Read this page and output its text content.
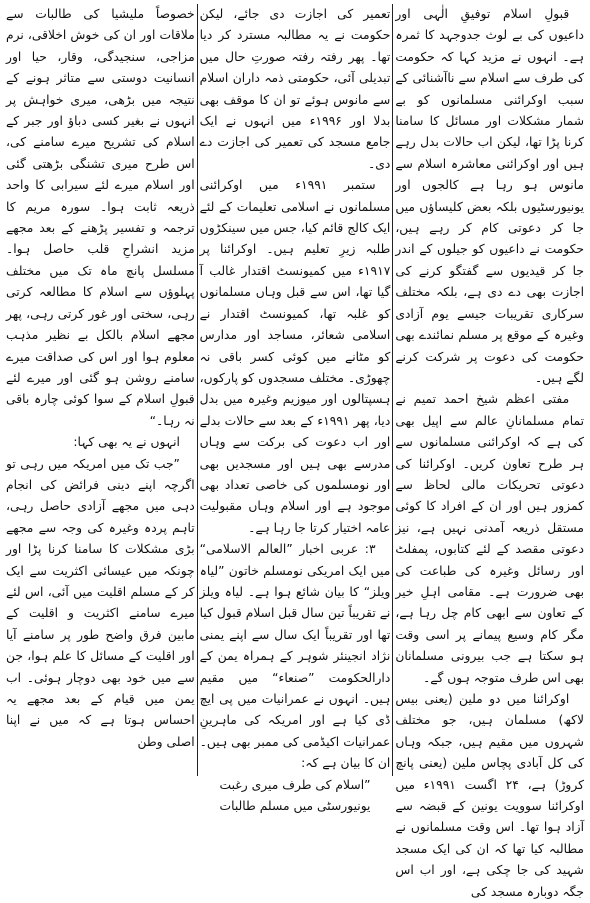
قبولِ اسلام توفیقِ الٰہی اور داعیوں کی بے لوث جدوجہد کا ثمرہ ہے۔ انہوں نے مزید کہا کہ حکومت کی طرف سے اسلام سے ناآشنائی کے سبب اوکرائنی مسلمانوں کو بے شمار مشکلات اور مسائل کا سامنا کرنا پڑا تھا، لیکن اب حالات بدل رہے ہیں اور اوکرائنی معاشرہ اسلام سے مانوس ہو رہا ہے کالجوں اور یونیورسٹیوں بلکہ بعض کلیساؤں میں جا کر دعوتی کام کر رہے ہیں، حکومت نے داعیوں کو جیلوں کے اندر جا کر قیدیوں سے گفتگو کرنے کی اجازت بھی دے دی ہے، بلکہ مختلف سرکاری تقریبات جیسے یوم آزادی وغیرہ کے موقع پر مسلم نمائندے بھی حکومت کی دعوت پر شرکت کرنے لگے ہیں۔

مفتی اعظم شیخ احمد تمیم نے تمام مسلمانانِ عالم سے اپیل بھی کی ہے کہ اوکرائنی مسلمانوں سے ہر طرح تعاون کریں۔ اوکرائنا کی دعوتی تحریکات مالی لحاظ سے کمزور ہیں اور ان کے افراد کا کوئی مستقل ذریعہ آمدنی نہیں ہے، نیز دعوتی مقصد کے لئے کتابوں، پمفلٹ اور رسائل وغیرہ کی طباعت کی بھی ضرورت ہے۔ مقامی اہلِ خیر کے تعاون سے ابھی کام چل رہا ہے، مگر کام وسیع پیمانے پر اسی وقت ہو سکتا ہے جب بیرونی مسلمانان بھی اس طرف متوجہ ہوں گے۔

اوکرائنا میں دو ملین (یعنی بیس لاکھ) مسلمان ہیں، جو مختلف شہروں میں مقیم ہیں، جبکہ وہاں کی کل آبادی پچاس ملین (یعنی پانچ کروڑ) ہے، ۲۴ اگست ۱۹۹۱ء میں اوکرائنا سوویت یونین کے قبضہ سے آزاد ہوا تھا۔ اس وقت مسلمانوں نے مطالبہ کیا تھا کہ ان کی ایک مسجد شہید کی جا چکی ہے، اور اب اس جگہ دوبارہ مسجد کی

تعمیر کی اجازت دی جائے، لیکن حکومت نے یہ مطالبہ مسترد کر دیا تھا۔ پھر رفتہ رفتہ صورتِ حال میں تبدیلی آئی، حکومتی ذمہ داران اسلام سے مانوس ہوئے تو ان کا موقف بھی بدلا اور ۱۹۹۶ء میں انہوں نے ایک جامع مسجد کی تعمیر کی اجازت دے دی۔

ستمبر ۱۹۹۱ء میں اوکرائنی مسلمانوں نے اسلامی تعلیمات کے لئے ایک کالج قائم کیا، جس میں سینکڑوں طلبہ زیرِ تعلیم ہیں۔ اوکرائنا پر ۱۹۱۷ء میں کمیونسٹ اقتدار غالب آ گیا تھا، اس سے قبل وہاں مسلمانوں کو غلبہ تھا، کمیونسٹ اقتدار نے اسلامی شعائر، مساجد اور مدارس کو مٹانے میں کوئی کسر باقی نہ چھوڑی۔ مختلف مسجدوں کو پارکوں، ہسپتالوں اور میوزیم وغیرہ میں بدل دیا، پھر ۱۹۹۱ء کے بعد سے حالات بدلے اور اب دعوت کی برکت سے وہاں مدرسے بھی ہیں اور مسجدیں بھی اور نومسلموں کی خاصی تعداد بھی موجود ہے اور اسلام وہاں مقبولیت عامہ اختیار کرتا جا رہا ہے۔

۳: عربی اخبار ”العالم الاسلامی“ میں ایک امریکی نومسلم خاتون ”لیاہ ویلز“ کا بیان شائع ہوا ہے۔ لیاہ ویلز نے تقریباً تین سال قبل اسلام قبول کیا تھا اور تقریباً ایک سال سے اپنے یمنی نژاد انجینئر شوہر کے ہمراہ یمن کے دارالحکومت ”صنعاء“ میں مقیم ہیں۔ انہوں نے عمرانیات میں پی ایچ ڈی کیا ہے اور امریکہ کی ماہرینِ عمرانیات اکیڈمی کی ممبر بھی ہیں۔ ان کا بیان ہے کہ:

”اسلام کی طرف میری رغبت یونیورسٹی میں مسلم طالبات

خصوصاً ملیشیا کی طالبات سے ملاقات اور ان کی خوش اخلاقی، نرم مزاجی، سنجیدگی، وقار، حیا اور انسانیت دوستی سے متاثر ہونے کے نتیجہ میں بڑھی، میری خواہش پر انہوں نے بغیر کسی دباؤ اور جبر کے اسلام کی تشریح میرے سامنے کی، اس طرح میری تشنگی بڑھتی گئی اور اسلام میرے لئے سیرابی کا واحد ذریعہ ثابت ہوا۔ سورہ مریم کا ترجمہ و تفسیر پڑھنے کے بعد مجھے مزید انشراحِ قلب حاصل ہوا۔ مسلسل پانچ ماہ تک میں مختلف پہلوؤں سے اسلام کا مطالعہ کرتی رہی، سختی اور غور کرتی رہی، پھر مجھے اسلام بالکل بے نظیر مذہب معلوم ہوا اور اس کی صداقت میرے سامنے روشن ہو گئی اور میرے لئے قبولِ اسلام کے سوا کوئی چارہ باقی نہ رہا۔“

انہوں نے یہ بھی کہا:

”جب تک میں امریکہ میں رہی تو اگرچہ اپنے دینی فرائض کی انجام دہی میں مجھے آزادی حاصل رہی، تاہم پردہ وغیرہ کی وجہ سے مجھے بڑی مشکلات کا سامنا کرنا پڑا اور چونکہ میں عیسائی اکثریت سے ایک کر کے مسلم اقلیت میں آئی، اس لئے میرے سامنے اکثریت و اقلیت کے مابین فرق واضح طور پر سامنے آیا اور اقلیت کے مسائل کا علم ہوا، جن سے میں خود بھی دوچار ہوئی۔ اب یمن میں قیام کے بعد مجھے یہ احساس ہوتا ہے کہ میں نے اپنا اصلی وطن
